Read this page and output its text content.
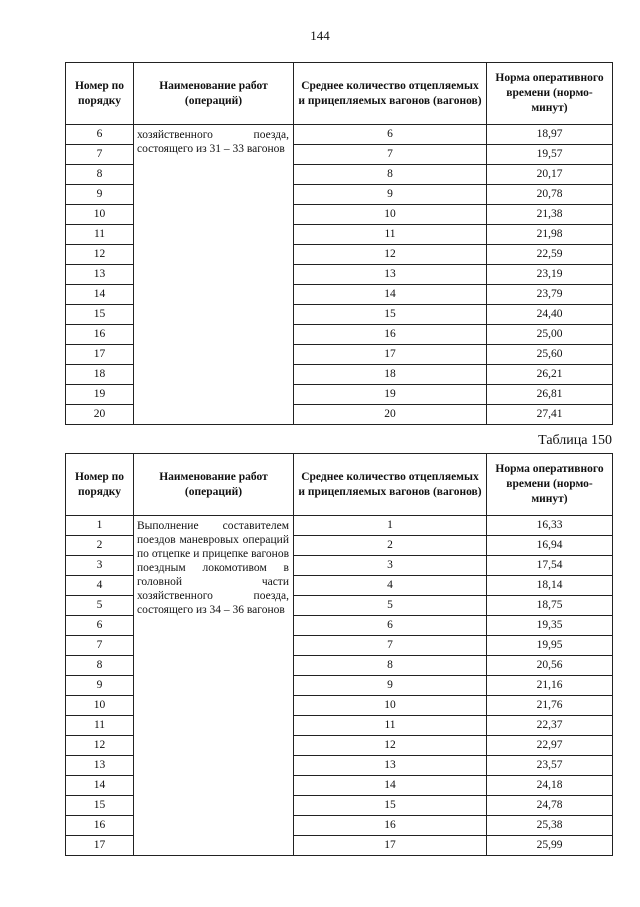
144
Номер по порядку	Наименование работ (операций)	Среднее количество отцепляемых и прицепляемых вагонов (вагонов)	Норма оперативного времени (нормо-минут)
6	хозяйственного поезда, состоящего из 31 – 33 вагонов	6	18,97
7		7	19,57
8		8	20,17
9		9	20,78
10		10	21,38
11		11	21,98
12		12	22,59
13		13	23,19
14		14	23,79
15		15	24,40
16		16	25,00
17		17	25,60
18		18	26,21
19		19	26,81
20		20	27,41
Таблица 150
Номер по порядку	Наименование работ (операций)	Среднее количество отцепляемых и прицепляемых вагонов (вагонов)	Норма оперативного времени (нормо-минут)
1	Выполнение составителем поездов маневровых операций по отцепке и прицепке вагонов поездным локомотивом в головной части хозяйственного поезда, состоящего из 34 – 36 вагонов	1	16,33
2		2	16,94
3		3	17,54
4		4	18,14
5		5	18,75
6		6	19,35
7		7	19,95
8		8	20,56
9		9	21,16
10		10	21,76
11		11	22,37
12		12	22,97
13		13	23,57
14		14	24,18
15		15	24,78
16		16	25,38
17		17	25,99
